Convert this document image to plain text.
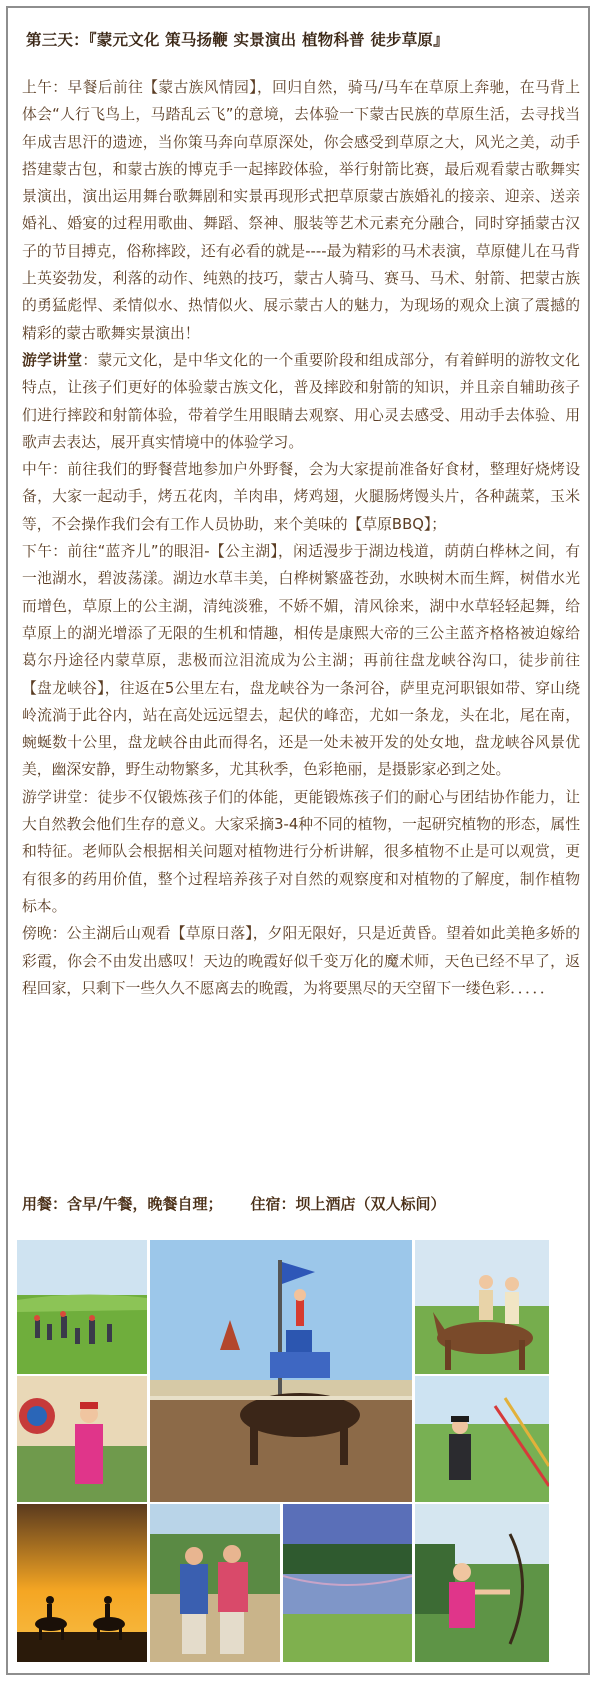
第三天：『蒙元文化 策马扬鞭 实景演出 植物科普 徒步草原』

上午：早餐后前往【蒙古族风情园】，回归自然，骑马/马车在草原上奔驰，在马背上体会“人行飞鸟上，马踏乱云飞”的意境，去体验一下蒙古民族的草原生活，去寻找当年成吉思汗的遗迹，当你策马奔向草原深处，你会感受到草原之大，风光之美，动手搭建蒙古包，和蒙古族的博克手一起摔跤体验，举行射箭比赛，最后观看蒙古歌舞实景演出，演出运用舞台歌舞剧和实景再现形式把草原蒙古族婚礼的接亲、迎亲、送亲婚礼、婚宴的过程用歌曲、舞蹈、祭神、服装等艺术元素充分融合，同时穿插蒙古汉子的节目搏克，俗称摔跤，还有必看的就是----最为精彩的马术表演，草原健儿在马背上英姿勃发，利落的动作、纯熟的技巧，蒙古人骑马、赛马、马术、射箭、把蒙古族的勇猛彪悍、柔情似水、热情似火、展示蒙古人的魅力，为现场的观众上演了震撼的精彩的蒙古歌舞实景演出！

游学讲堂：蒙元文化，是中华文化的一个重要阶段和组成部分，有着鲜明的游牧文化特点，让孩子们更好的体验蒙古族文化，普及摔跤和射箭的知识，并且亲自辅助孩子们进行摔跤和射箭体验，带着学生用眼睛去观察、用心灵去感受、用动手去体验、用歌声去表达，展开真实情境中的体验学习。

中午：前往我们的野餐营地参加户外野餐，会为大家提前准备好食材，整理好烧烤设备，大家一起动手，烤五花肉，羊肉串，烤鸡翅，火腿肠烤馒头片，各种蔬菜，玉米等，不会操作我们会有工作人员协助，来个美味的【草原BBQ】；

下午：前往“蓝齐儿”的眼泪-【公主湖】，闲适漫步于湖边栈道，荫荫白桦林之间，有一池湖水，碧波荡漾。湖边水草丰美，白桦树繁盛苍劲，水映树木而生辉，树借水光而增色，草原上的公主湖，清纯淡雅，不娇不媚，清风徐来，湖中水草轻轻起舞，给草原上的湖光增添了无限的生机和情趣，相传是康熙大帝的三公主蓝齐格格被迫嫁给葛尔丹途径内蒙草原，悲极而泣泪流成为公主湖；再前往盘龙峡谷沟口，徒步前往【盘龙峡谷】，往返在5公里左右，盘龙峡谷为一条河谷，萨里克河职银如带、穿山绕岭流淌于此谷内，站在高处远远望去，起伏的峰峦，尤如一条龙，头在北，尾在南，蜿蜒数十公里，盘龙峡谷由此而得名，还是一处未被开发的处女地，盘龙峡谷风景优美，幽深安静，野生动物繁多，尤其秋季，色彩艳丽，是摄影家必到之处。

游学讲堂：徒步不仅锻炼孩子们的体能，更能锻炼孩子们的耐心与团结协作能力，让大自然教会他们生存的意义。大家采摘3-4种不同的植物，一起研究植物的形态，属性和特征。老师队会根据相关问题对植物进行分析讲解，很多植物不止是可以观赏，更有很多的药用价值，整个过程培养孩子对自然的观察度和对植物的了解度，制作植物标本。

傍晚：公主湖后山观看【草原日落】，夕阳无限好，只是近黄昏。望着如此美艳多娇的彩霞，你会不由发出感叹！天边的晚霞好似千变万化的魔术师，天色已经不早了，返程回家，只剩下一些久久不愿离去的晚霞，为将要黑尽的天空留下一缕色彩．．．．．

用餐：含早/午餐，晚餐自理； 住宿：坝上酒店（双人标间）
